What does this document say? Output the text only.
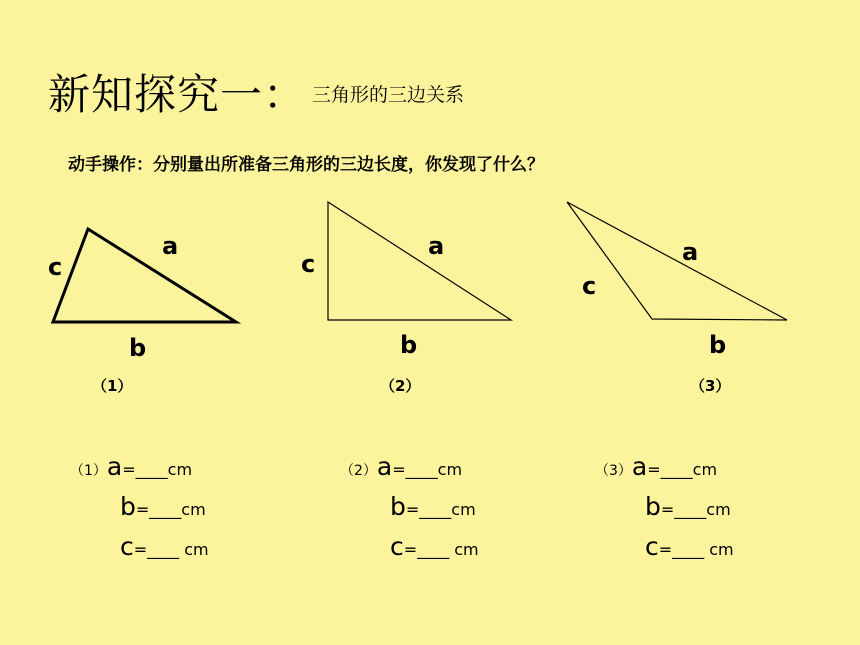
新知探究一： 三角形的三边关系
动手操作：分别量出所准备三角形的三边长度，你发现了什么？
a
c
b
（1）
a
c
b
（2）
a
c
b
（3）
（1）a=____cm
b=____cm
c=____ cm
（2）a=____cm
b=____cm
c=____ cm
（3）a=____cm
b=____cm
c=____ cm
